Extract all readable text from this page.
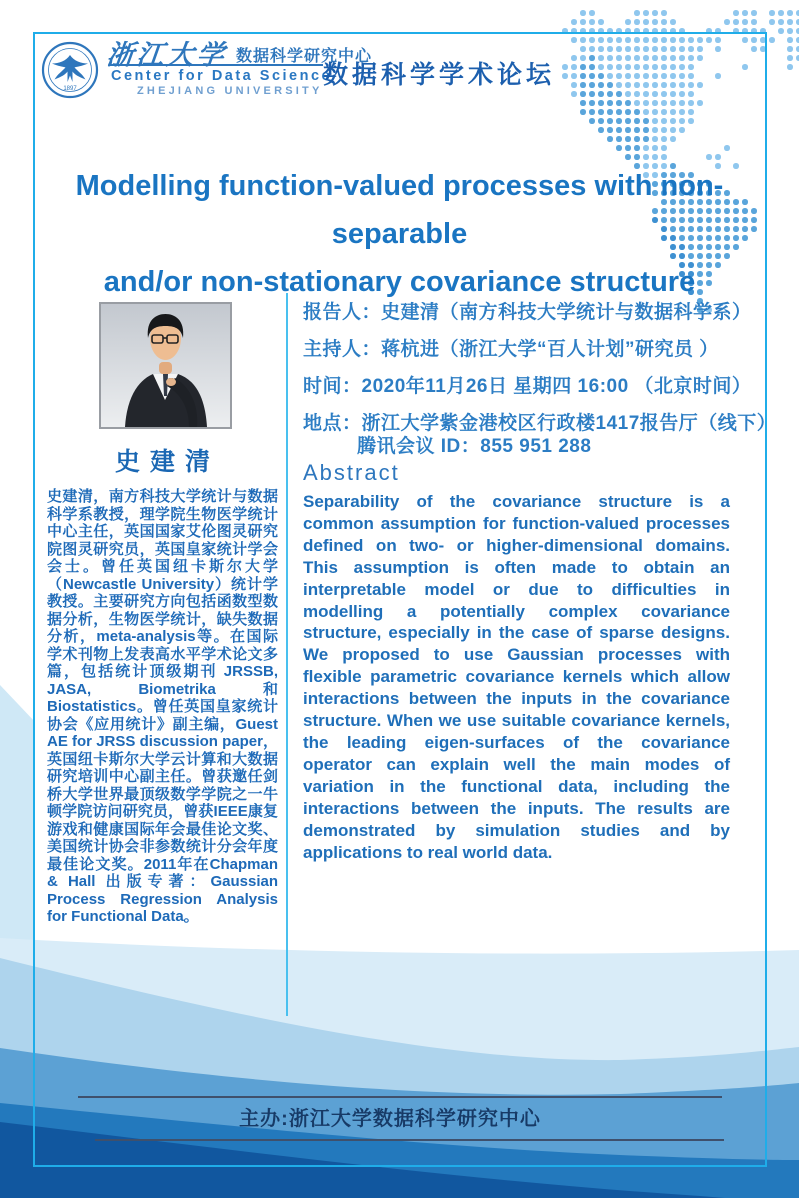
1897
浙江大学 数据科学研究中心
Center for Data Science
ZHEJIANG UNIVERSITY
数据科学学术论坛
Modelling function-valued processes with non-separable
and/or non-stationary covariance structure
史建清
史建清，南方科技大学统计与数据科学系教授，理学院生物医学统计中心主任，英国国家艾伦图灵研究院图灵研究员，英国皇家统计学会会士。曾任英国纽卡斯尔大学（Newcastle University）统计学教授。主要研究方向包括函数型数据分析，生物医学统计，缺失数据分析，meta-analysis等。在国际学术刊物上发表高水平学术论文多篇，包括统计顶级期刊 JRSSB, JASA, Biometrika 和Biostatistics。曾任英国皇家统计协会《应用统计》副主编，Guest AE for JRSS discussion paper，英国纽卡斯尔大学云计算和大数据研究培训中心副主任。曾获邀任剑桥大学世界最顶级数学学院之一牛顿学院访问研究员，曾获IEEE康复游戏和健康国际年会最佳论文奖、美国统计协会非参数统计分会年度最佳论文奖。2011年在Chapman & Hall 出版专著：Gaussian Process Regression Analysis for Functional Data。
报告人：史建清（南方科技大学统计与数据科学系）
主持人：蒋杭进（浙江大学“百人计划”研究员 ）
时间：2020年11月26日 星期四 16:00 （北京时间）
地点：浙江大学紫金港校区行政楼1417报告厅（线下）
腾讯会议 ID：855 951 288
Abstract
Separability of the covariance structure is a common assumption for function-valued processes defined on two- or higher-dimensional domains. This assumption is often made to obtain an interpretable model or due to difficulties in modelling a potentially complex covariance structure, especially in the case of sparse designs. We proposed to use Gaussian processes with flexible parametric covariance kernels which allow interactions between the inputs in the covariance structure. When we use suitable covariance kernels, the leading eigen-surfaces of the covariance operator can explain well the main modes of variation in the functional data, including the interactions between the inputs. The results are demonstrated by simulation studies and by applications to real world data.
主办:浙江大学数据科学研究中心
